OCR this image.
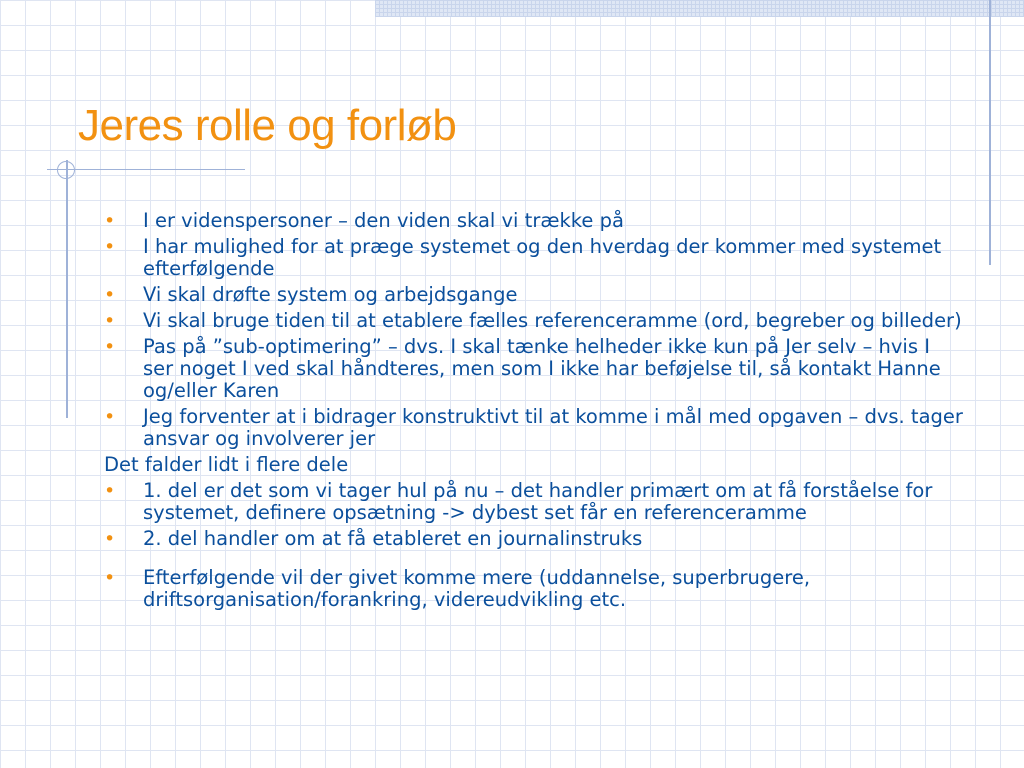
Jeres rolle og forløb
• I er videnspersoner – den viden skal vi trække på
• I har mulighed for at præge systemet og den hverdag der kommer med systemet efterfølgende
• Vi skal drøfte system og arbejdsgange
• Vi skal bruge tiden til at etablere fælles referenceramme (ord, begreber og billeder)
• Pas på ”sub-optimering” – dvs. I skal tænke helheder ikke kun på Jer selv – hvis I ser noget I ved skal håndteres, men som I ikke har beføjelse til, så kontakt Hanne og/eller Karen
• Jeg forventer at i bidrager konstruktivt til at komme i mål med opgaven – dvs. tager ansvar og involverer jer

Det falder lidt i flere dele

• 1. del er det som vi tager hul på nu – det handler primært om at få forståelse for systemet, definere opsætning -> dybest set får en referenceramme
• 2. del handler om at få etableret en journalinstruks
• Efterfølgende vil der givet komme mere (uddannelse, superbrugere, driftsorganisation/forankring, videreudvikling etc.
